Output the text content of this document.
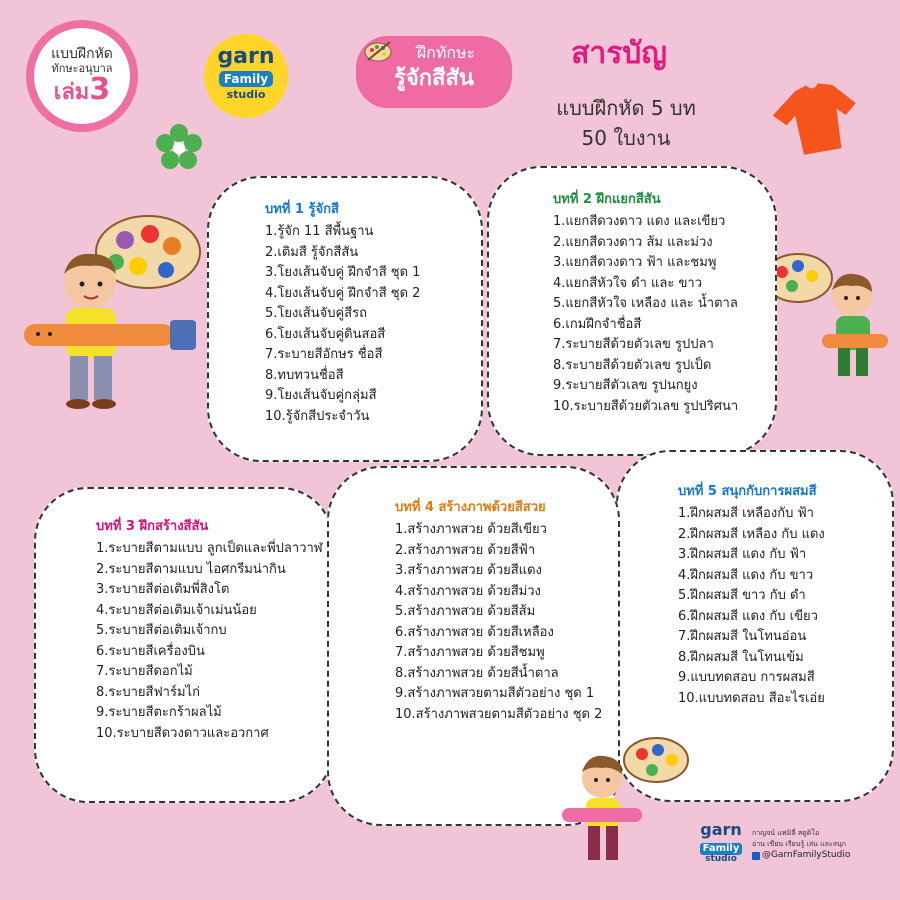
แบบฝึกหัด
ทักษะอนุบาล
เล่ม3
garn
Family
studio
ฝึกทักษะ
รู้จักสีสัน
สารบัญ
แบบฝึกหัด 5 บท
50 ใบงาน
บทที่ 1 รู้จักสี
1.รู้จัก 11 สีพื้นฐาน
2.เติมสี รู้จักสีสัน
3.โยงเส้นจับคู่ ฝึกจำสี ชุด 1
4.โยงเส้นจับคู่ ฝึกจำสี ชุด 2
5.โยงเส้นจับคู่สีรถ
6.โยงเส้นจับคู่ดินสอสี
7.ระบายสีอักษร ชื่อสี
8.ทบทวนชื่อสี
9.โยงเส้นจับคู่กลุ่มสี
10.รู้จักสีประจำวัน
บทที่ 2 ฝึกแยกสีสัน
1.แยกสีดวงดาว แดง และเขียว
2.แยกสีดวงดาว ส้ม และม่วง
3.แยกสีดวงดาว ฟ้า และชมพู
4.แยกสีหัวใจ ดำ และ ขาว
5.แยกสีหัวใจ เหลือง และ น้ำตาล
6.เกมฝึกจำชื่อสี
7.ระบายสีด้วยตัวเลข รูปปลา
8.ระบายสีด้วยตัวเลข รูปเป็ด
9.ระบายสีตัวเลข รูปนกยูง
10.ระบายสีด้วยตัวเลข รูปปริศนา
บทที่ 3 ฝึกสร้างสีสัน
1.ระบายสีตามแบบ ลูกเป็ดและพี่ปลาวาฬ
2.ระบายสีตามแบบ ไอศกรีมน่ากิน
3.ระบายสีต่อเติมพี่สิงโต
4.ระบายสีต่อเติมเจ้าเม่นน้อย
5.ระบายสีต่อเติมเจ้ากบ
6.ระบายสีเครื่องบิน
7.ระบายสีดอกไม้
8.ระบายสีฟาร์มไก่
9.ระบายสีตะกร้าผลไม้
10.ระบายสีดวงดาวและอวกาศ
บทที่ 5 สนุกกับการผสมสี
1.ฝึกผสมสี เหลืองกับ ฟ้า
2.ฝึกผสมสี เหลือง กับ แดง
3.ฝึกผสมสี แดง กับ ฟ้า
4.ฝึกผสมสี แดง กับ ขาว
5.ฝึกผสมสี ขาว กับ ดำ
6.ฝึกผสมสี แดง กับ เขียว
7.ฝึกผสมสี ในโทนอ่อน
8.ฝึกผสมสี ในโทนเข้ม
9.แบบทดสอบ การผสมสี
10.แบบทดสอบ สีอะไรเอ่ย
บทที่ 4 สร้างภาพด้วยสีสวย
1.สร้างภาพสวย ด้วยสีเขียว
2.สร้างภาพสวย ด้วยสีฟ้า
3.สร้างภาพสวย ด้วยสีแดง
4.สร้างภาพสวย ด้วยสีม่วง
5.สร้างภาพสวย ด้วยสีส้ม
6.สร้างภาพสวย ด้วยสีเหลือง
7.สร้างภาพสวย ด้วยสีชมพู
8.สร้างภาพสวย ด้วยสีน้ำตาล
9.สร้างภาพสวยตามสีตัวอย่าง ชุด 1
10.สร้างภาพสวยตามสีตัวอย่าง ชุด 2
garn
Family
studio
กาญจน์ แฟมิลี่ สตูดิโอ
อ่าน เขียน เรียนรู้ เล่น และสนุก
@GarnFamilyStudio
